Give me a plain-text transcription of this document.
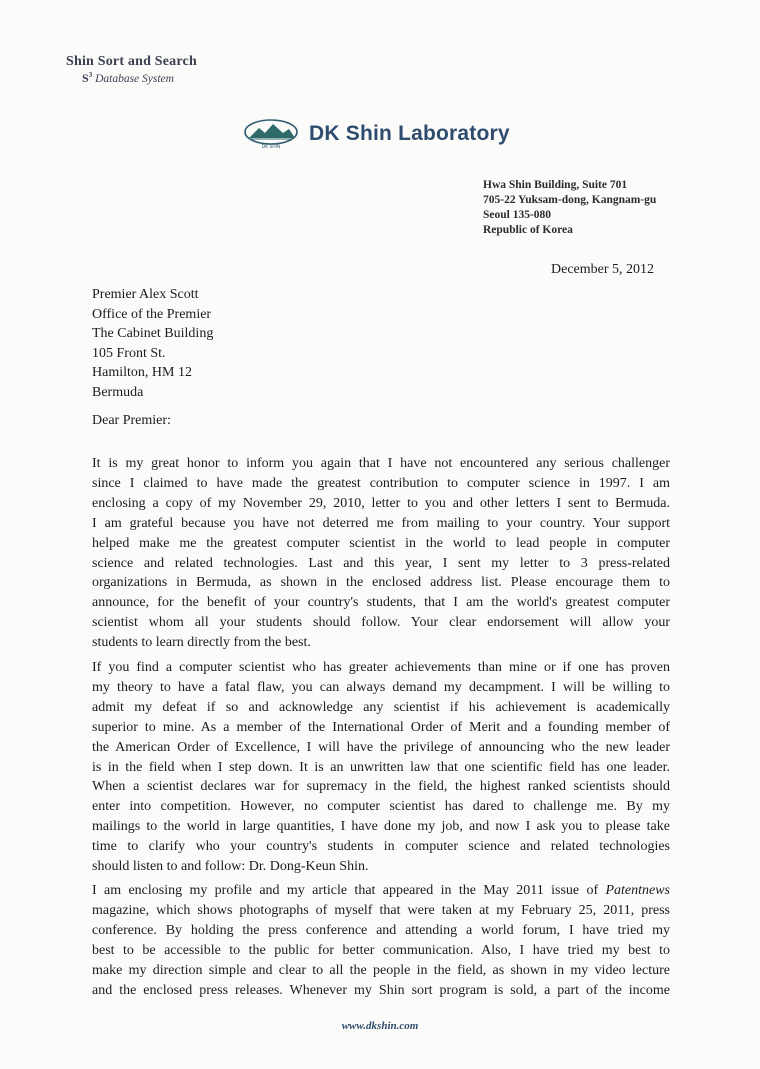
Shin Sort and Search
$S^3$ Database System
DK SHIN
DK Shin Laboratory
Hwa Shin Building, Suite 701
705-22 Yuksam-dong, Kangnam-gu
Seoul 135-080
Republic of Korea
December 5, 2012
Premier Alex Scott
Office of the Premier
The Cabinet Building
105 Front St.
Hamilton, HM 12
Bermuda
Dear Premier:
It is my great honor to inform you again that I have not encountered any serious challenger
since I claimed to have made the greatest contribution to computer science in 1997. I am
enclosing a copy of my November 29, 2010, letter to you and other letters I sent to Bermuda.
I am grateful because you have not deterred me from mailing to your country. Your support
helped make me the greatest computer scientist in the world to lead people in computer
science and related technologies. Last and this year, I sent my letter to 3 press-related
organizations in Bermuda, as shown in the enclosed address list. Please encourage them to
announce, for the benefit of your country's students, that I am the world's greatest computer
scientist whom all your students should follow. Your clear endorsement will allow your
students to learn directly from the best.
If you find a computer scientist who has greater achievements than mine or if one has proven
my theory to have a fatal flaw, you can always demand my decampment. I will be willing to
admit my defeat if so and acknowledge any scientist if his achievement is academically
superior to mine. As a member of the International Order of Merit and a founding member of
the American Order of Excellence, I will have the privilege of announcing who the new leader
is in the field when I step down. It is an unwritten law that one scientific field has one leader.
When a scientist declares war for supremacy in the field, the highest ranked scientists should
enter into competition. However, no computer scientist has dared to challenge me. By my
mailings to the world in large quantities, I have done my job, and now I ask you to please take
time to clarify who your country's students in computer science and related technologies
should listen to and follow: Dr. Dong-Keun Shin.
I am enclosing my profile and my article that appeared in the May 2011 issue of Patentnews
magazine, which shows photographs of myself that were taken at my February 25, 2011, press
conference. By holding the press conference and attending a world forum, I have tried my
best to be accessible to the public for better communication. Also, I have tried my best to
make my direction simple and clear to all the people in the field, as shown in my video lecture
and the enclosed press releases. Whenever my Shin sort program is sold, a part of the income
www.dkshin.com
